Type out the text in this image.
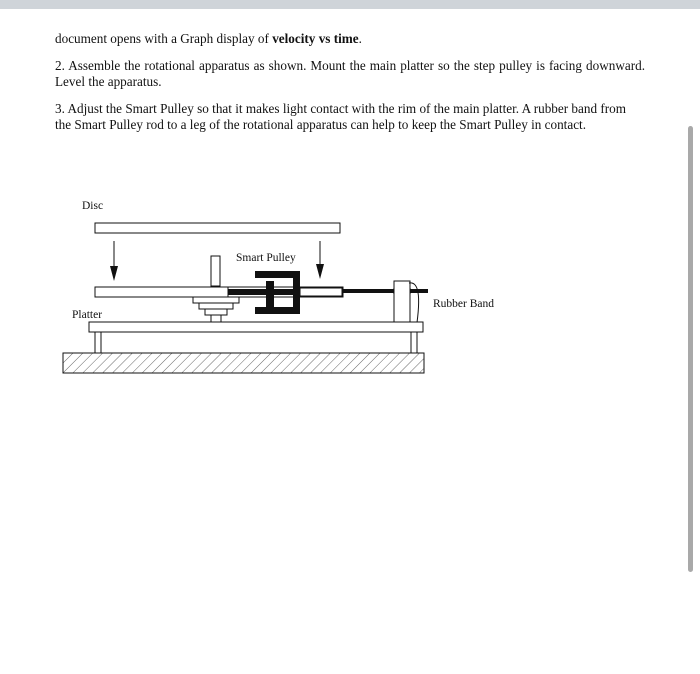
document opens with a Graph display of velocity vs time.
2. Assemble the rotational apparatus as shown. Mount the main platter so the step pulley is facing downward. Level the apparatus.
3. Adjust the Smart Pulley so that it makes light contact with the rim of the main platter. A rubber band from the Smart Pulley rod to a leg of the rotational apparatus can help to keep the Smart Pulley in contact.
Disc
Smart Pulley
Rubber Band
Platter
